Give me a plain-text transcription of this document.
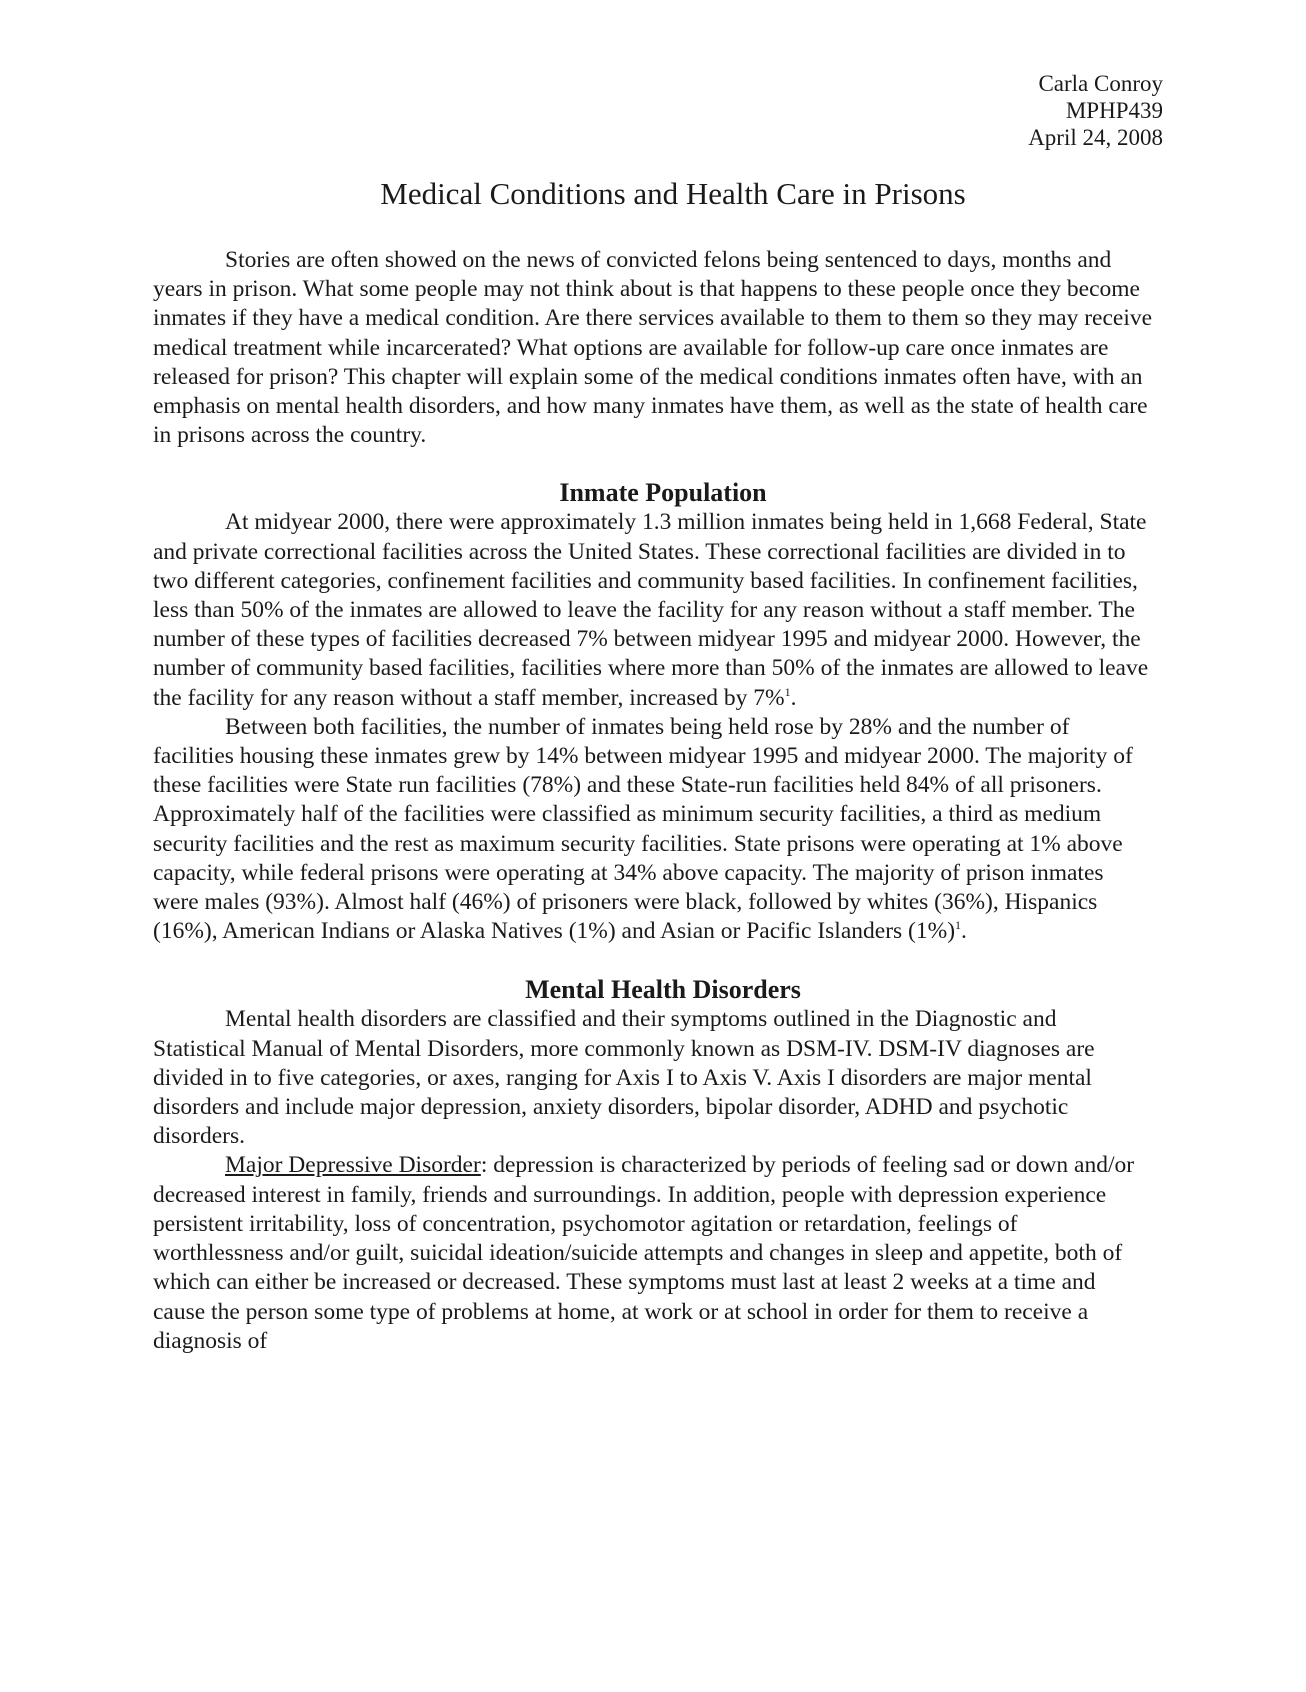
Carla Conroy
MPHP439
April 24, 2008
Medical Conditions and Health Care in Prisons

Stories are often showed on the news of convicted felons being sentenced to days, months and years in prison. What some people may not think about is that happens to these people once they become inmates if they have a medical condition. Are there services available to them to them so they may receive medical treatment while incarcerated? What options are available for follow-up care once inmates are released for prison? This chapter will explain some of the medical conditions inmates often have, with an emphasis on mental health disorders, and how many inmates have them, as well as the state of health care in prisons across the country.

Inmate Population

At midyear 2000, there were approximately 1.3 million inmates being held in 1,668 Federal, State and private correctional facilities across the United States. These correctional facilities are divided in to two different categories, confinement facilities and community based facilities. In confinement facilities, less than 50% of the inmates are allowed to leave the facility for any reason without a staff member. The number of these types of facilities decreased 7% between midyear 1995 and midyear 2000. However, the number of community based facilities, facilities where more than 50% of the inmates are allowed to leave the facility for any reason without a staff member, increased by 7%$^1$.

Between both facilities, the number of inmates being held rose by 28% and the number of facilities housing these inmates grew by 14% between midyear 1995 and midyear 2000. The majority of these facilities were State run facilities (78%) and these State-run facilities held 84% of all prisoners. Approximately half of the facilities were classified as minimum security facilities, a third as medium security facilities and the rest as maximum security facilities. State prisons were operating at 1% above capacity, while federal prisons were operating at 34% above capacity. The majority of prison inmates were males (93%). Almost half (46%) of prisoners were black, followed by whites (36%), Hispanics (16%), American Indians or Alaska Natives (1%) and Asian or Pacific Islanders $(1\%)^1$.

Mental Health Disorders

Mental health disorders are classified and their symptoms outlined in the Diagnostic and Statistical Manual of Mental Disorders, more commonly known as DSM-IV. DSM-IV diagnoses are divided in to five categories, or axes, ranging for Axis I to Axis V. Axis I disorders are major mental disorders and include major depression, anxiety disorders, bipolar disorder, ADHD and psychotic disorders.

Major Depressive Disorder: depression is characterized by periods of feeling sad or down and/or decreased interest in family, friends and surroundings. In addition, people with depression experience persistent irritability, loss of concentration, psychomotor agitation or retardation, feelings of worthlessness and/or guilt, suicidal ideation/suicide attempts and changes in sleep and appetite, both of which can either be increased or decreased. These symptoms must last at least 2 weeks at a time and cause the person some type of problems at home, at work or at school in order for them to receive a diagnosis of
